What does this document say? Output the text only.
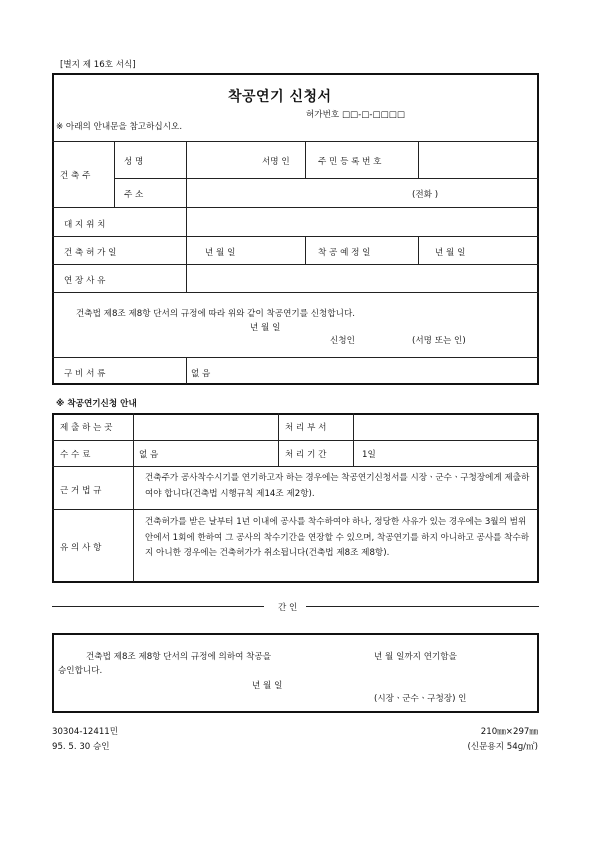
[별지 제 16호 서식]
착공연기 신청서
허가번호 □□-□-□□□□
※ 아래의 안내문을 참고하십시오.
건 축 주
성 명	서명 인	주 민 등 록 번 호
주 소	(전화 )
대 지 위 치
건 축 허 가 일	년 월 일	착 공 예 정 일	년 월 일
연 장 사 유
건축법 제8조 제8항 단서의 규정에 따라 위와 같이 착공연기를 신청합니다.
년 월 일
신청인	(서명 또는 인)
구 비 서 류	없 음
※ 착공연기신청 안내
제 출 하 는 곳	처 리 부 서
수 수 료	없 음	처 리 기 간	1일
근 거 법 규
건축주가 공사착수시기를 연기하고자 하는 경우에는 착공연기신청서를 시장ㆍ군수ㆍ구청장에게 제출하여야 합니다(건축법 시행규칙 제14조 제2항).
유 의 사 항
건축허가를 받은 날부터 1년 이내에 공사를 착수하여야 하나, 정당한 사유가 있는 경우에는 3월의 범위안에서 1회에 한하여 그 공사의 착수기간을 연장할 수 있으며, 착공연기를 하지 아니하고 공사를 착수하지 아니한 경우에는 건축허가가 취소됩니다(건축법 제8조 제8항).
간 인
건축법 제8조 제8항 단서의 규정에 의하여 착공을	년 월 일까지 연기함을
승인합니다.
년 월 일
(시장ㆍ군수ㆍ구청장) 인
30304-12411민
95. 5. 30 승인
210㎜×297㎜
(신문용지 54g/㎡)
